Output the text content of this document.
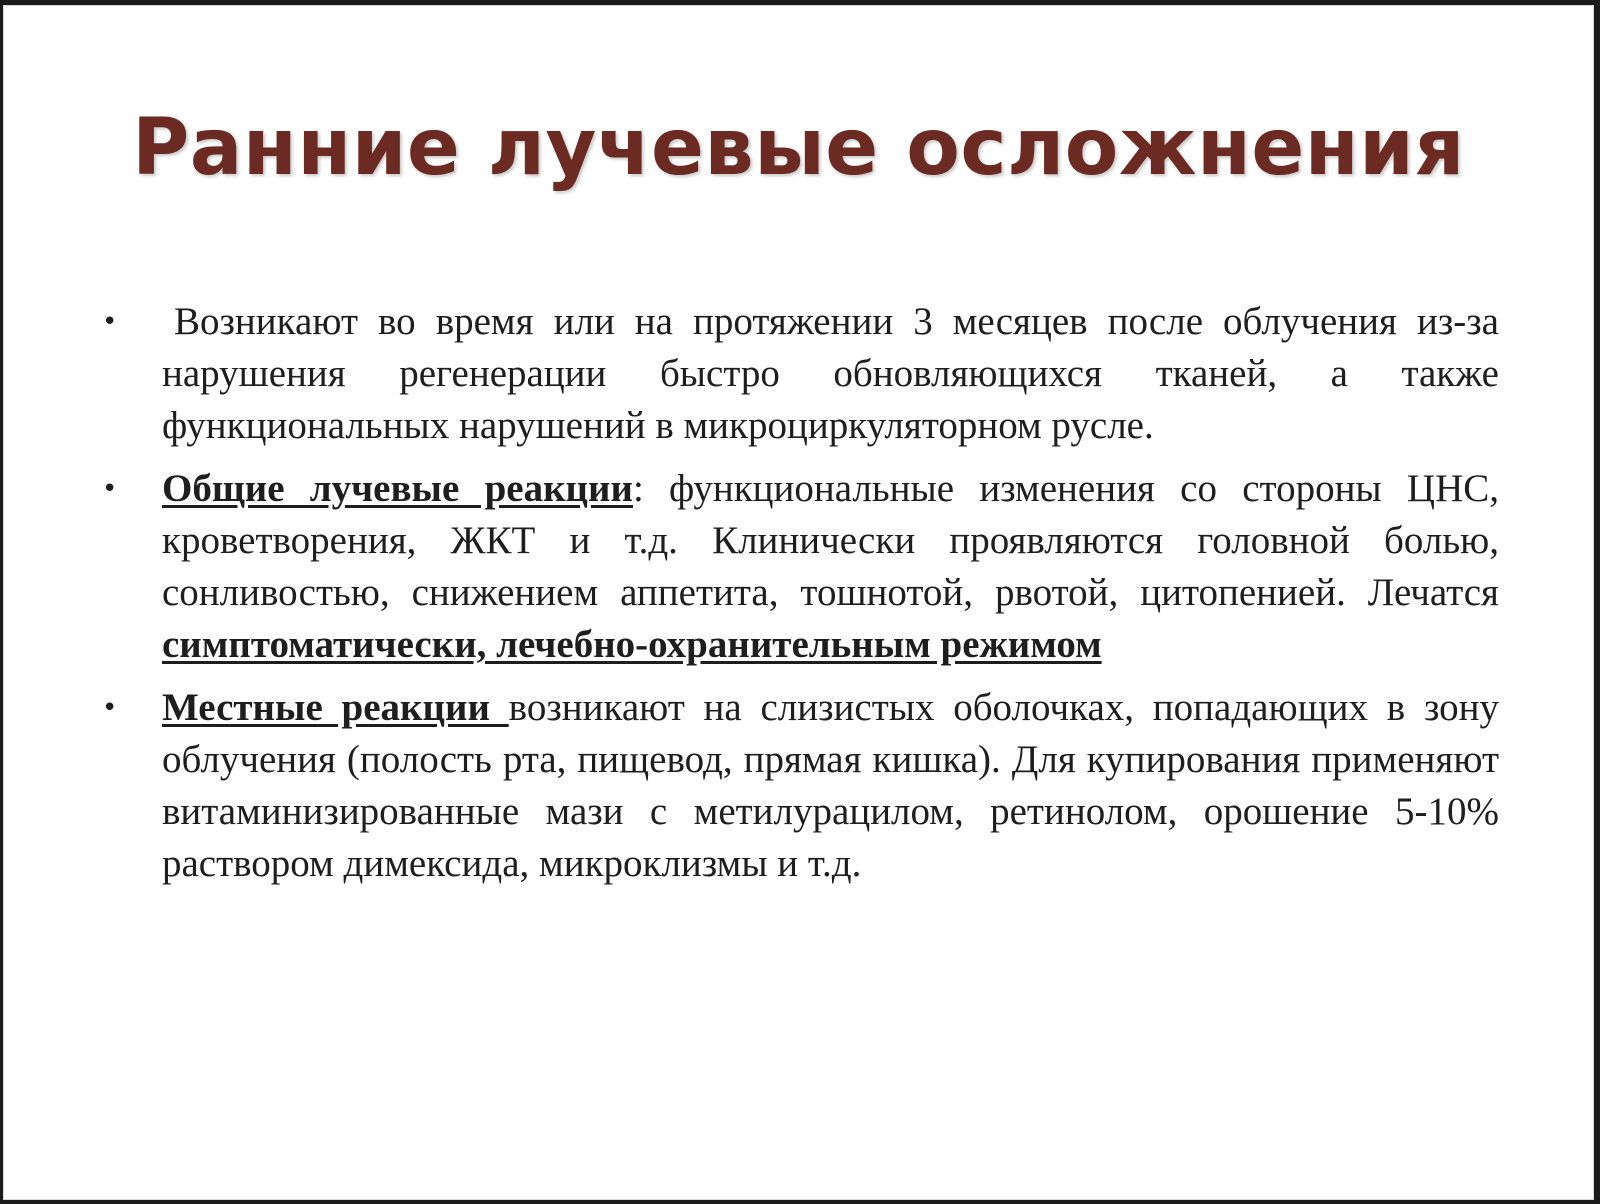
Ранние лучевые осложнения
• Возникают во время или на протяжении 3 месяцев после облучения из-за нарушения регенерации быстро обновляющихся тканей, а также функциональных нарушений в микроциркуляторном русле.
• Общие лучевые реакции: функциональные изменения со стороны ЦНС, кроветворения, ЖКТ и т.д. Клинически проявляются головной болью, сонливостью, снижением аппетита, тошнотой, рвотой, цитопенией. Лечатся симптоматически, лечебно-охранительным режимом
• Местные реакции возникают на слизистых оболочках, попадающих в зону облучения (полость рта, пищевод, прямая кишка). Для купирования применяют витаминизированные мази с метилурацилом, ретинолом, орошение 5-10% раствором димексида, микроклизмы и т.д.
